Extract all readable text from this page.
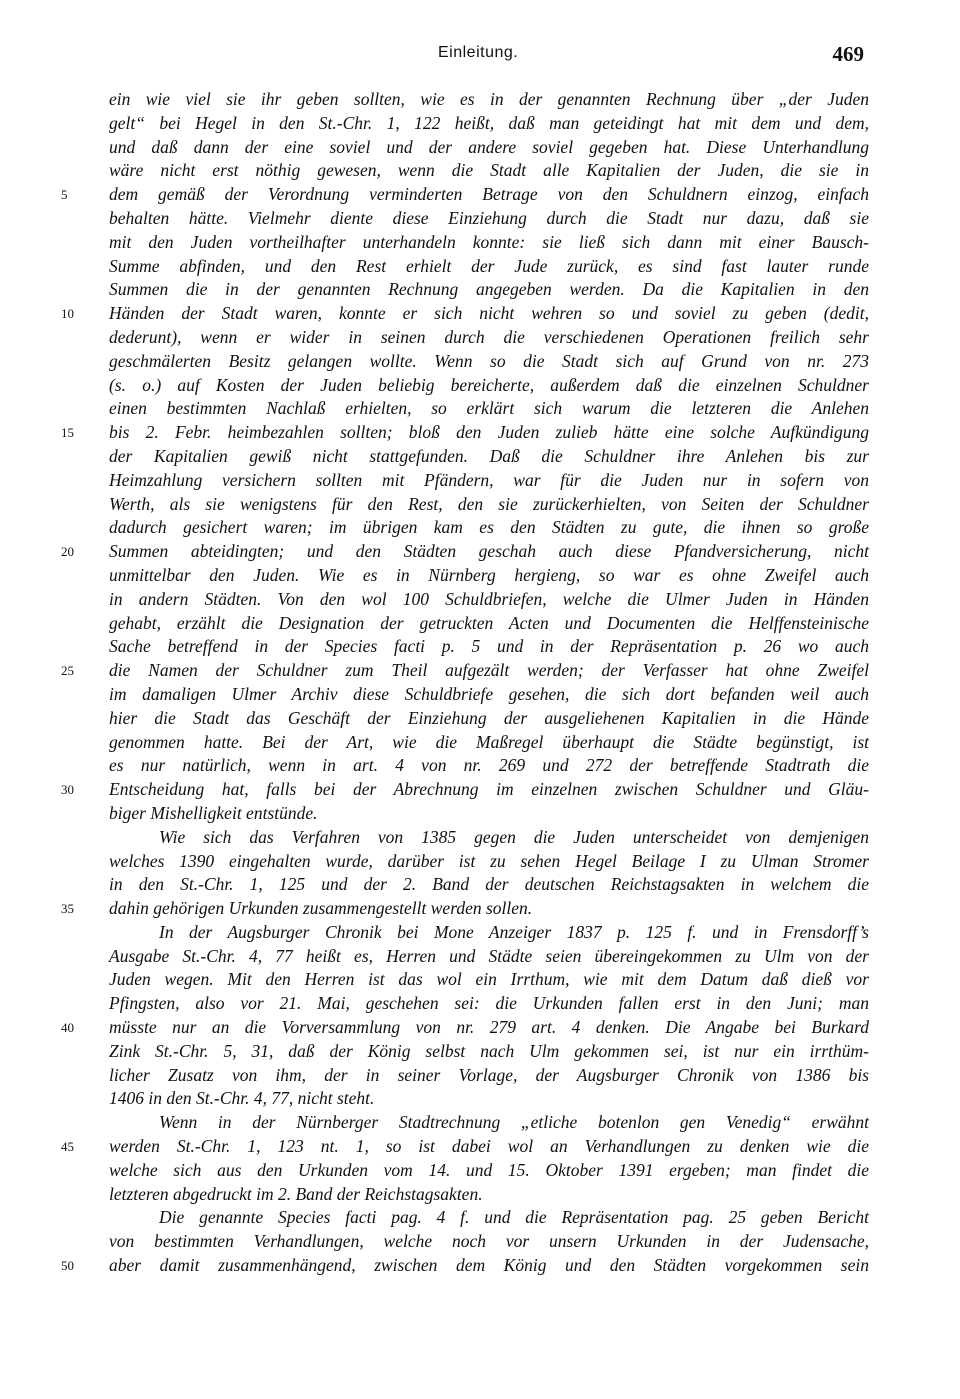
Einleitung.	469
ein wie viel sie ihr geben sollten, wie es in der genannten Rechnung über „der Juden
gelt“ bei Hegel in den St.-Chr. 1, 122 heißt, daß man geteidingt hat mit dem und dem,
und daß dann der eine soviel und der andere soviel gegeben hat. Diese Unterhandlung
wäre nicht erst nöthig gewesen, wenn die Stadt alle Kapitalien der Juden, die sie in
5	dem gemäß der Verordnung verminderten Betrage von den Schuldnern einzog, einfach
behalten hätte. Vielmehr diente diese Einziehung durch die Stadt nur dazu, daß sie
mit den Juden vortheilhafter unterhandeln konnte: sie ließ sich dann mit einer Bausch-
Summe abfinden, und den Rest erhielt der Jude zurück, es sind fast lauter runde
Summen die in der genannten Rechnung angegeben werden. Da die Kapitalien in den
10	Händen der Stadt waren, konnte er sich nicht wehren so und soviel zu geben (dedit,
dederunt), wenn er wider in seinen durch die verschiedenen Operationen freilich sehr
geschmälerten Besitz gelangen wollte. Wenn so die Stadt sich auf Grund von nr. 273
(s. o.) auf Kosten der Juden beliebig bereicherte, außerdem daß die einzelnen Schuldner
einen bestimmten Nachlaß erhielten, so erklärt sich warum die letzteren die Anlehen
15	bis 2. Febr. heimbezahlen sollten; bloß den Juden zulieb hätte eine solche Aufkündigung
der Kapitalien gewiß nicht stattgefunden. Daß die Schuldner ihre Anlehen bis zur
Heimzahlung versichern sollten mit Pfändern, war für die Juden nur in sofern von
Werth, als sie wenigstens für den Rest, den sie zurückerhielten, von Seiten der Schuldner
dadurch gesichert waren; im übrigen kam es den Städten zu gute, die ihnen so große
20	Summen abteidingten; und den Städten geschah auch diese Pfandversicherung, nicht
unmittelbar den Juden. Wie es in Nürnberg hergieng, so war es ohne Zweifel auch
in andern Städten. Von den wol 100 Schuldbriefen, welche die Ulmer Juden in Händen
gehabt, erzählt die Designation der getruckten Acten und Documenten die Helffensteinische
Sache betreffend in der Species facti p. 5 und in der Repräsentation p. 26 wo auch
25	die Namen der Schuldner zum Theil aufgezält werden; der Verfasser hat ohne Zweifel
im damaligen Ulmer Archiv diese Schuldbriefe gesehen, die sich dort befanden weil auch
hier die Stadt das Geschäft der Einziehung der ausgeliehenen Kapitalien in die Hände
genommen hatte. Bei der Art, wie die Maßregel überhaupt die Städte begünstigt, ist
es nur natürlich, wenn in art. 4 von nr. 269 und 272 der betreffende Stadtrath die
30	Entscheidung hat, falls bei der Abrechnung im einzelnen zwischen Schuldner und Gläu-
biger Mishelligkeit entstünde.
Wie sich das Verfahren von 1385 gegen die Juden unterscheidet von demjenigen
welches 1390 eingehalten wurde, darüber ist zu sehen Hegel Beilage I zu Ulman Stromer
in den St.-Chr. 1, 125 und der 2. Band der deutschen Reichstagsakten in welchem die
35	dahin gehörigen Urkunden zusammengestellt werden sollen.
In der Augsburger Chronik bei Mone Anzeiger 1837 p. 125 f. und in Frensdorff’s
Ausgabe St.-Chr. 4, 77 heißt es, Herren und Städte seien übereingekommen zu Ulm von der
Juden wegen. Mit den Herren ist das wol ein Irrthum, wie mit dem Datum daß dieß vor
Pfingsten, also vor 21. Mai, geschehen sei: die Urkunden fallen erst in den Juni; man
40	müsste nur an die Vorversammlung von nr. 279 art. 4 denken. Die Angabe bei Burkard
Zink St.-Chr. 5, 31, daß der König selbst nach Ulm gekommen sei, ist nur ein irrthüm-
licher Zusatz von ihm, der in seiner Vorlage, der Augsburger Chronik von 1386 bis
1406 in den St.-Chr. 4, 77, nicht steht.
Wenn in der Nürnberger Stadtrechnung „etliche botenlon gen Venedig“ erwähnt
45	werden St.-Chr. 1, 123 nt. 1, so ist dabei wol an Verhandlungen zu denken wie die
welche sich aus den Urkunden vom 14. und 15. Oktober 1391 ergeben; man findet die
letzteren abgedruckt im 2. Band der Reichstagsakten.
Die genannte Species facti pag. 4 f. und die Repräsentation pag. 25 geben Bericht
von bestimmten Verhandlungen, welche noch vor unsern Urkunden in der Judensache,
50	aber damit zusammenhängend, zwischen dem König und den Städten vorgekommen sein
